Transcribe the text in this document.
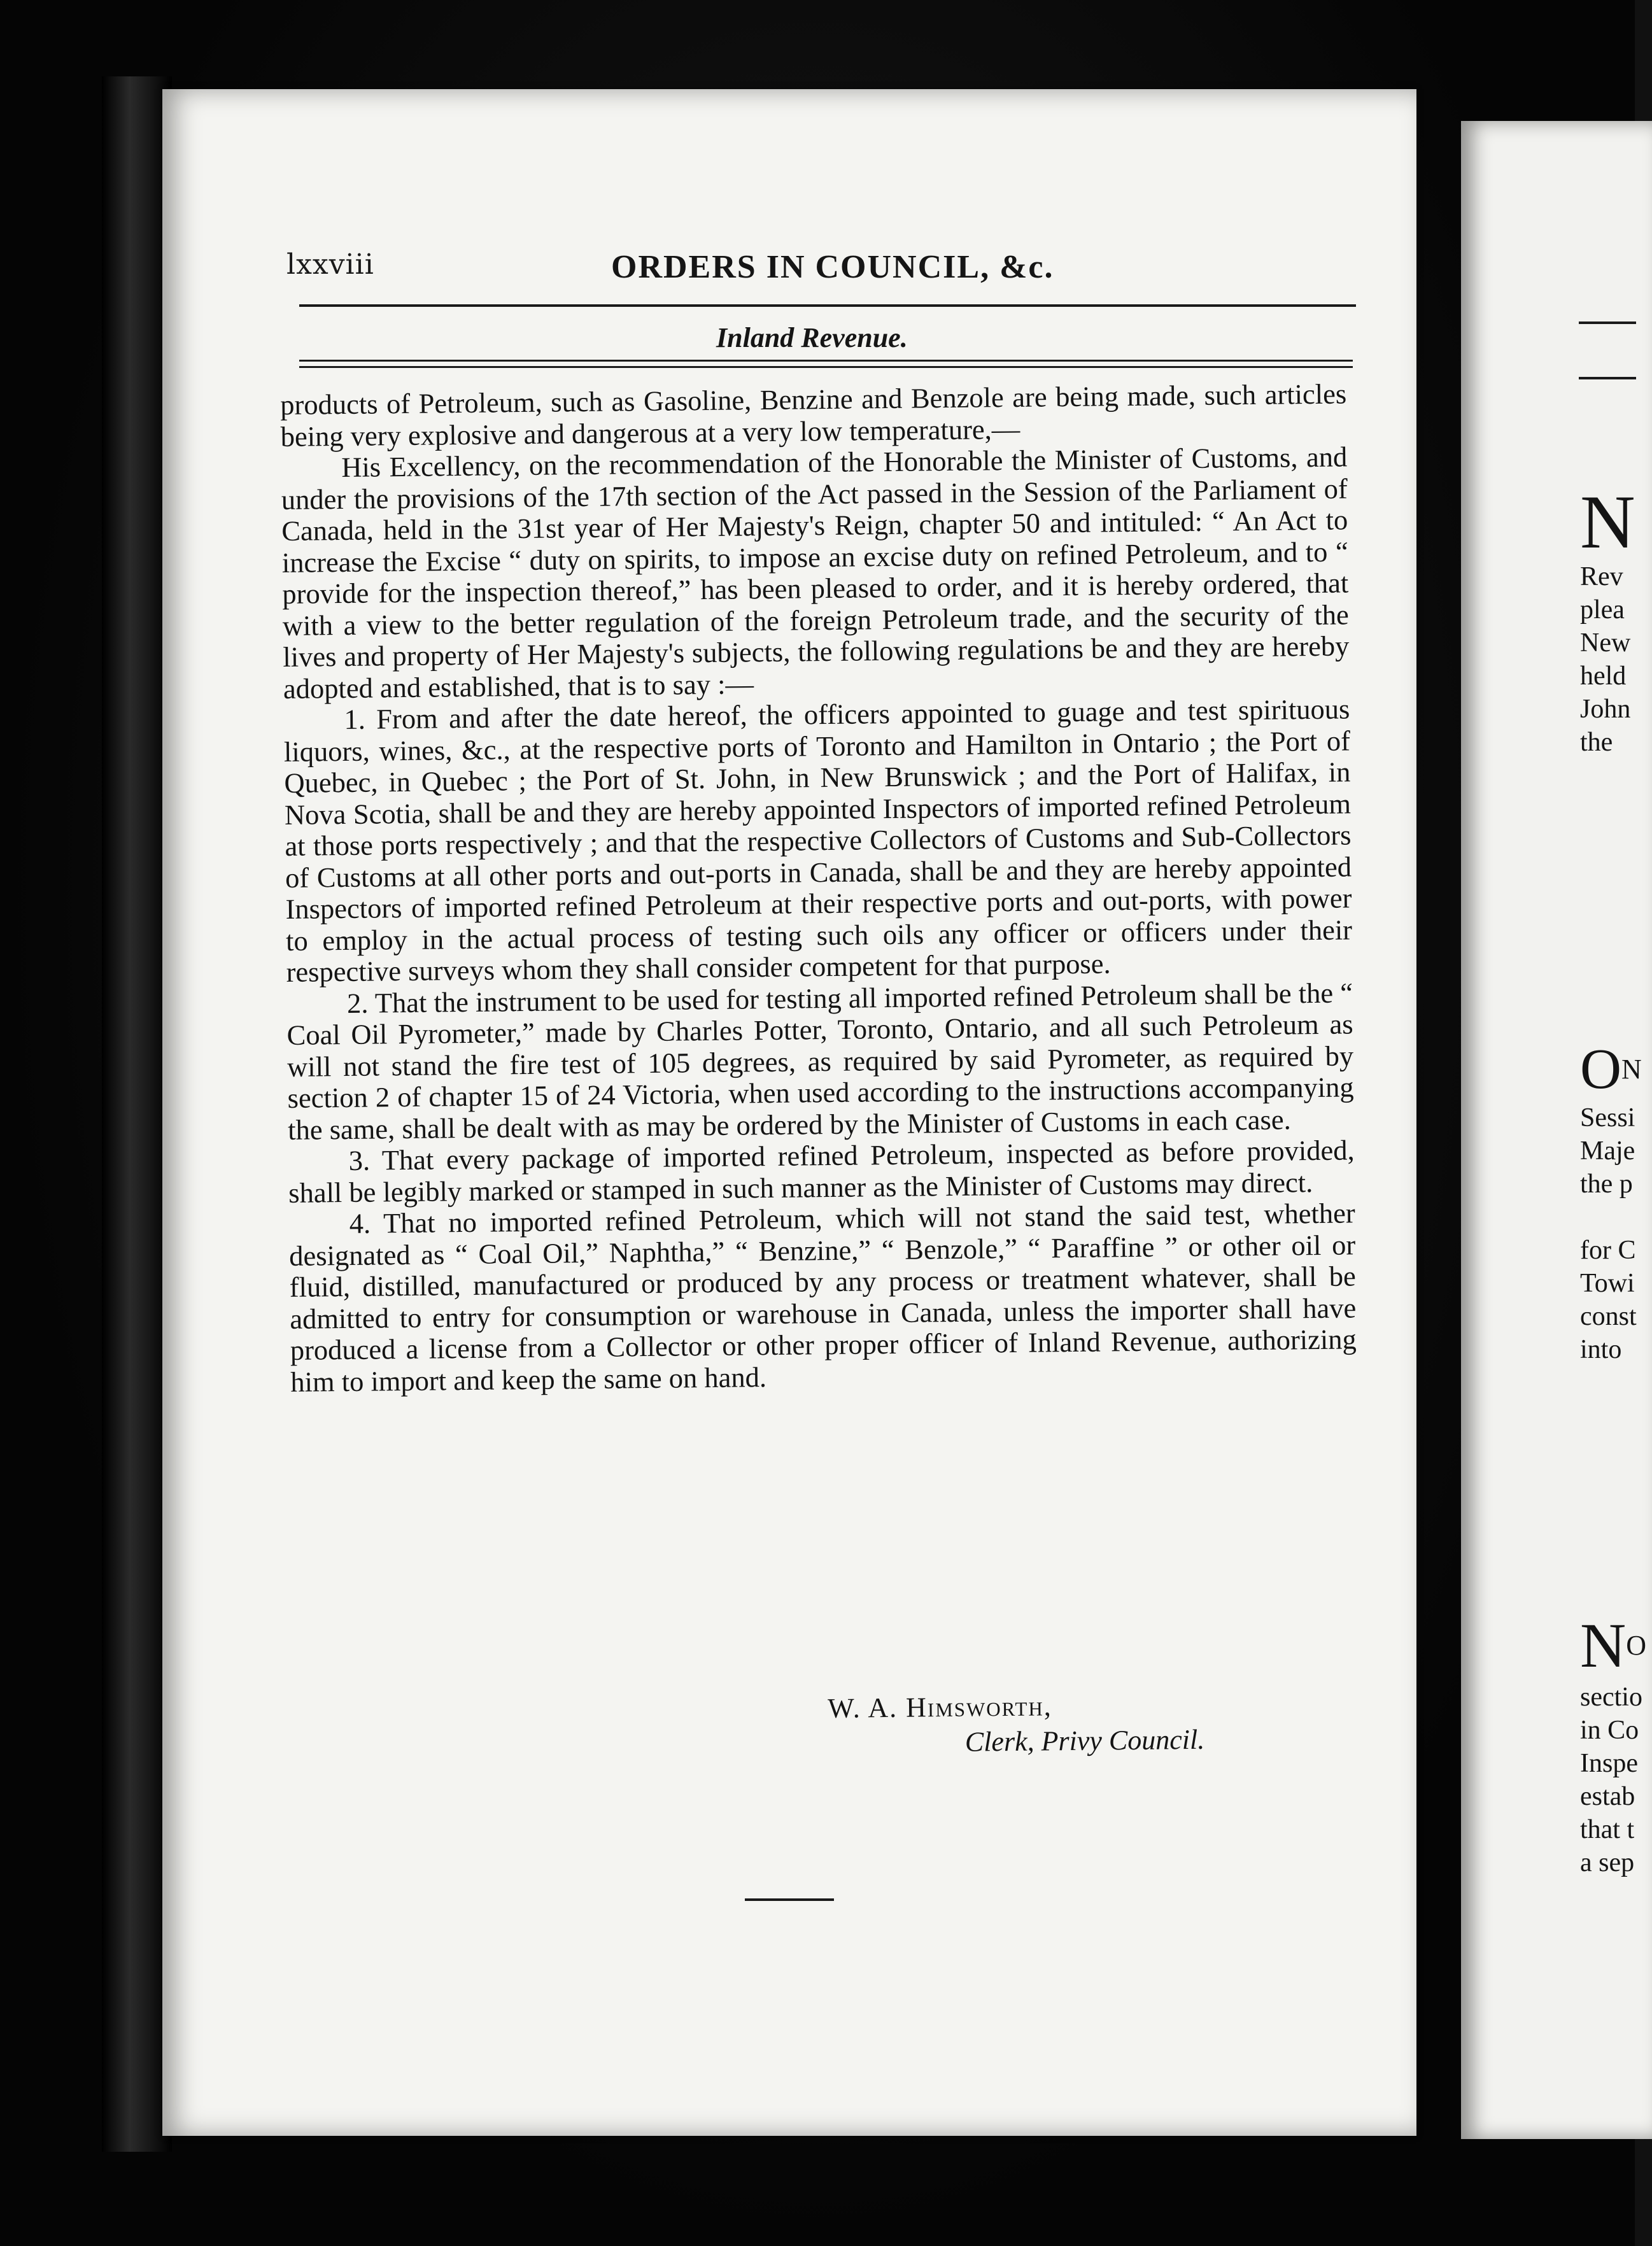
lxxviii	ORDERS IN COUNCIL, &c.
Inland Revenue.

products of Petroleum, such as Gasoline, Benzine and Benzole are being made, such articles being very explosive and dangerous at a very low temperature,—

His Excellency, on the recommendation of the Honorable the Minister of Customs, and under the provisions of the 17th section of the Act passed in the Session of the Parliament of Canada, held in the 31st year of Her Majesty's Reign, chapter 50 and intituled: “ An Act to increase the Excise “ duty on spirits, to impose an excise duty on refined Petroleum, and to “ provide for the inspection thereof,” has been pleased to order, and it is hereby ordered, that with a view to the better regulation of the foreign Petroleum trade, and the security of the lives and property of Her Majesty's subjects, the following regulations be and they are hereby adopted and established, that is to say :—

1. From and after the date hereof, the officers appointed to guage and test spirituous liquors, wines, &c., at the respective ports of Toronto and Hamilton in Ontario ; the Port of Quebec, in Quebec ; the Port of St. John, in New Brunswick ; and the Port of Halifax, in Nova Scotia, shall be and they are hereby appointed Inspectors of imported refined Petroleum at those ports respectively ; and that the respective Collectors of Customs and Sub-Collectors of Customs at all other ports and out-ports in Canada, shall be and they are hereby appointed Inspectors of imported refined Petroleum at their respective ports and out-ports, with power to employ in the actual process of testing such oils any officer or officers under their respective surveys whom they shall consider competent for that purpose.

2. That the instrument to be used for testing all imported refined Petroleum shall be the “ Coal Oil Pyrometer,” made by Charles Potter, Toronto, Ontario, and all such Petroleum as will not stand the fire test of 105 degrees, as required by said Pyrometer, as required by section 2 of chapter 15 of 24 Victoria, when used according to the instructions accompanying the same, shall be dealt with as may be ordered by the Minister of Customs in each case.

3. That every package of imported refined Petroleum, inspected as before provided, shall be legibly marked or stamped in such manner as the Minister of Customs may direct.

4. That no imported refined Petroleum, which will not stand the said test, whether designated as “ Coal Oil,” Naphtha,” “ Benzine,” “ Benzole,” “ Paraffine ” or other oil or fluid, distilled, manufactured or produced by any process or treatment whatever, shall be admitted to entry for consumption or warehouse in Canada, unless the importer shall have produced a license from a Collector or other proper officer of Inland Revenue, authorizing him to import and keep the same on hand.

W. A. Himsworth,
Clerk, Privy Council.
N
Rev
plea
New
held
John
the
$O^N$
Sessi
Maje
the p

for C
Towi
const
into
$N^O$
sectio
in Co
Inspe
estab
that t
a sep
